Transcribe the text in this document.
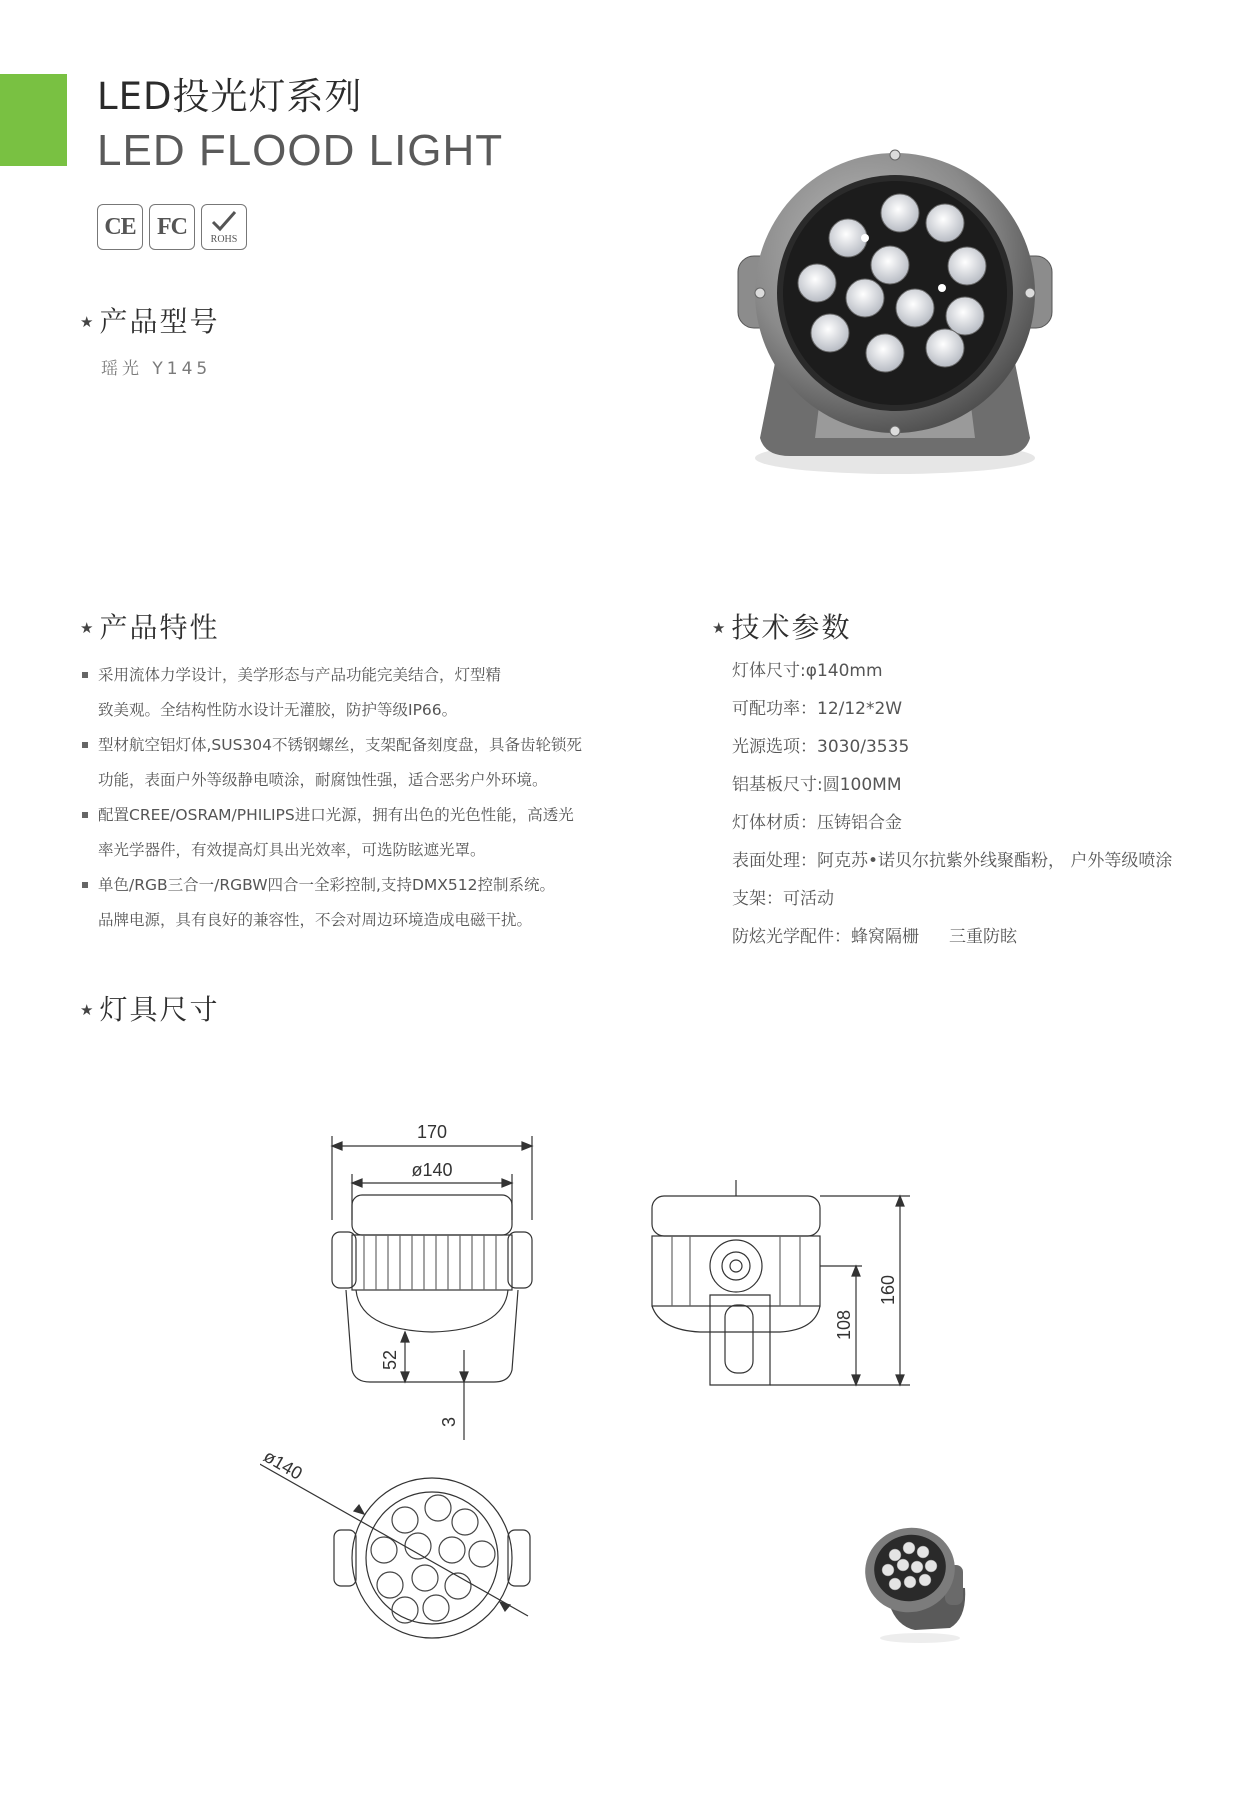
LED投光灯系列
LED FLOOD LIGHT
CE FC	ROHS
★ 产品型号
瑶光 Y145
★ 产品特性
采用流体力学设计，美学形态与产品功能完美结合，灯型精
致美观。全结构性防水设计无灌胶，防护等级IP66。
型材航空铝灯体,SUS304不锈钢螺丝，支架配备刻度盘，具备齿轮锁死
功能，表面户外等级静电喷涂，耐腐蚀性强，适合恶劣户外环境。
配置CREE/OSRAM/PHILIPS进口光源，拥有出色的光色性能，高透光
率光学器件，有效提高灯具出光效率，可选防眩遮光罩。
单色/RGB三合一/RGBW四合一全彩控制,支持DMX512控制系统。
品牌电源，具有良好的兼容性，不会对周边环境造成电磁干扰。
★ 技术参数
灯体尺寸:φ140mm
可配功率：12/12*2W
光源选项：3030/3535
铝基板尺寸:圆100MM
灯体材质：压铸铝合金
表面处理：阿克苏•诺贝尔抗紫外线聚酯粉， 户外等级喷涂
支架：可活动
防炫光学配件：蜂窝隔栅 三重防眩
★ 灯具尺寸
170
ø140
52
3
108
160
ø140
